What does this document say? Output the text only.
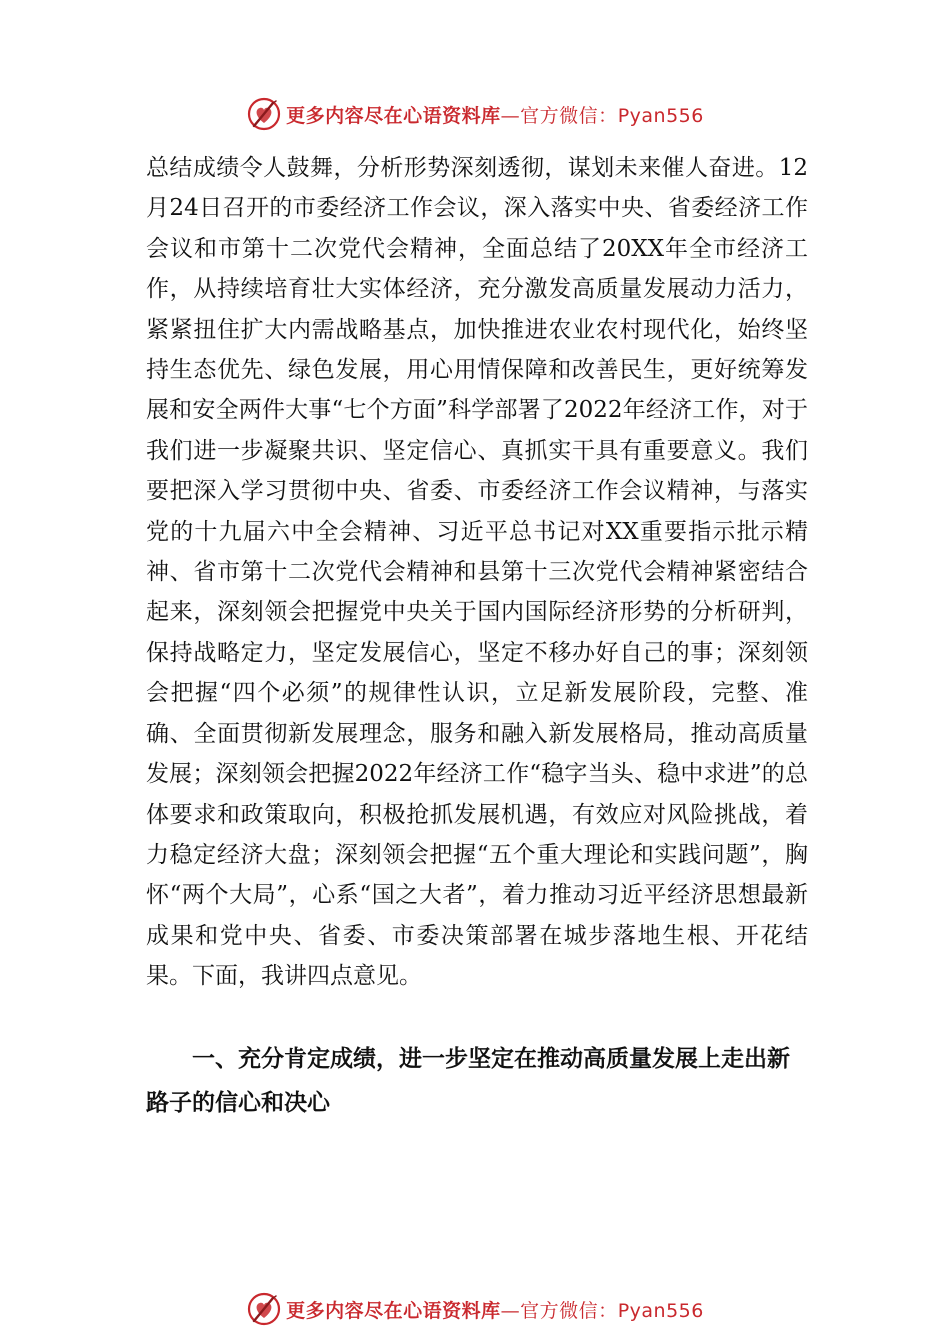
更多内容尽在心语资料库—官方微信：Pyan556

总结成绩令人鼓舞，分析形势深刻透彻，谋划未来催人奋进。12月24日召开的市委经济工作会议，深入落实中央、省委经济工作会议和市第十二次党代会精神，全面总结了20XX年全市经济工作，从持续培育壮大实体经济，充分激发高质量发展动力活力，紧紧扭住扩大内需战略基点，加快推进农业农村现代化，始终坚持生态优先、绿色发展，用心用情保障和改善民生，更好统筹发展和安全两件大事“七个方面”科学部署了2022年经济工作，对于我们进一步凝聚共识、坚定信心、真抓实干具有重要意义。我们要把深入学习贯彻中央、省委、市委经济工作会议精神，与落实党的十九届六中全会精神、习近平总书记对XX重要指示批示精神、省市第十二次党代会精神和县第十三次党代会精神紧密结合起来，深刻领会把握党中央关于国内国际经济形势的分析研判，保持战略定力，坚定发展信心，坚定不移办好自己的事；深刻领会把握“四个必须”的规律性认识，立足新发展阶段，完整、准确、全面贯彻新发展理念，服务和融入新发展格局，推动高质量发展；深刻领会把握2022年经济工作“稳字当头、稳中求进”的总体要求和政策取向，积极抢抓发展机遇，有效应对风险挑战，着力稳定经济大盘；深刻领会把握“五个重大理论和实践问题”，胸怀“两个大局”，心系“国之大者”，着力推动习近平经济思想最新成果和党中央、省委、市委决策部署在城步落地生根、开花结果。下面，我讲四点意见。

一、充分肯定成绩，进一步坚定在推动高质量发展上走出新路子的信心和决心

更多内容尽在心语资料库—官方微信：Pyan556
